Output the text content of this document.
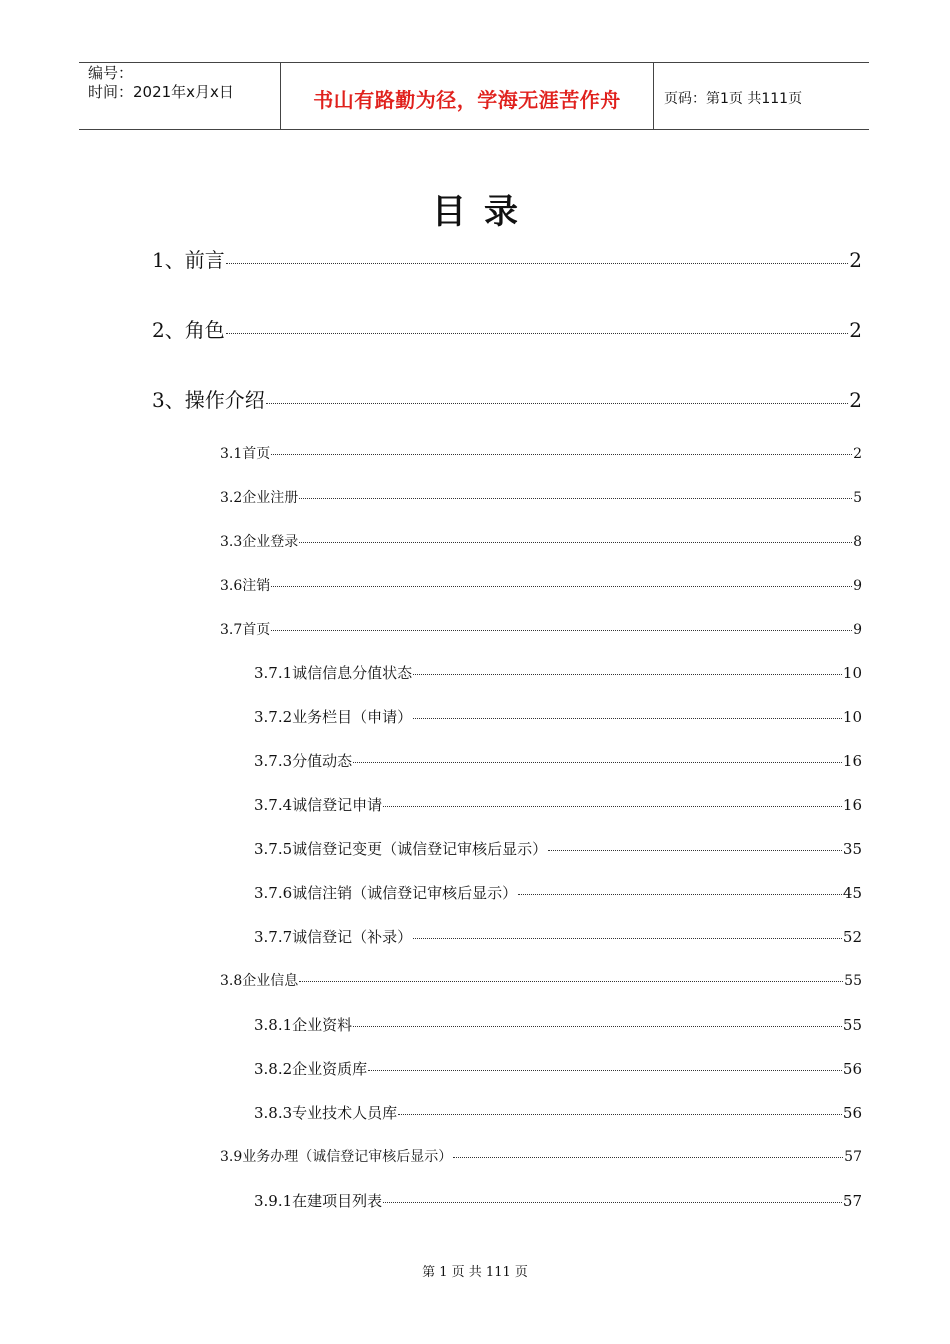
编号：
时间：2021年x月x日	书山有路勤为径，学海无涯苦作舟	页码：第1页 共111页
目录
1、前言	2
2、角色	2
3、操作介绍	2
3.1首页	2
3.2企业注册	5
3.3企业登录	8
3.6注销	9
3.7首页	9
3.7.1诚信信息分值状态	10
3.7.2业务栏目（申请）	10
3.7.3分值动态	16
3.7.4诚信登记申请	16
3.7.5诚信登记变更（诚信登记审核后显示）	35
3.7.6诚信注销（诚信登记审核后显示）	45
3.7.7诚信登记（补录）	52
3.8企业信息	55
3.8.1企业资料	55
3.8.2企业资质库	56
3.8.3专业技术人员库	56
3.9业务办理（诚信登记审核后显示）	57
3.9.1在建项目列表	57
第 1 页 共 111 页
